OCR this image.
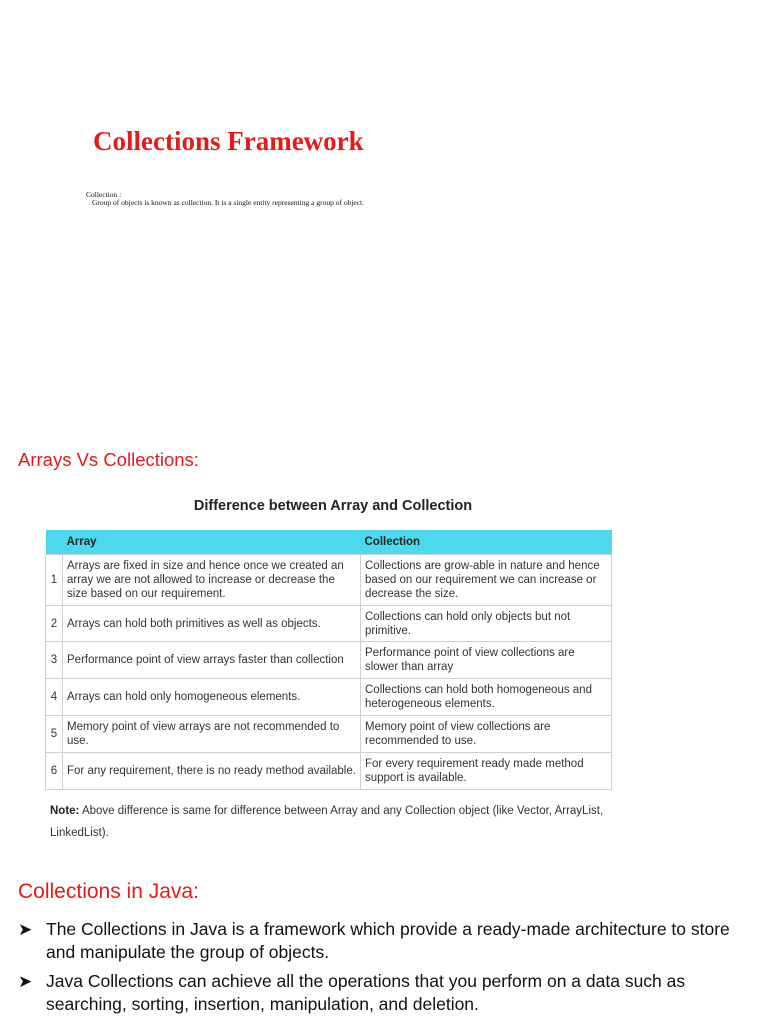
Collections Framework
Collection :
Group of objects is known as collection. It is a single entity representing a group of object.
Arrays Vs Collections:
Difference between Array and Collection
	Array	Collection
1	Arrays are fixed in size and hence once we created an array we are not allowed to increase or decrease the size based on our requirement.	Collections are grow-able in nature and hence based on our requirement we can increase or decrease the size.
2	Arrays can hold both primitives as well as objects.	Collections can hold only objects but not primitive.
3	Performance point of view arrays faster than collection	Performance point of view collections are slower than array
4	Arrays can hold only homogeneous elements.	Collections can hold both homogeneous and heterogeneous elements.
5	Memory point of view arrays are not recommended to use.	Memory point of view collections are recommended to use.
6	For any requirement, there is no ready method available.	For every requirement ready made method support is available.
Note: Above difference is same for difference between Array and any Collection object (like Vector, ArrayList, LinkedList).
Collections in Java:
➤ The Collections in Java is a framework which provide a ready-made architecture to store and manipulate the group of objects.
➤ Java Collections can achieve all the operations that you perform on a data such as searching, sorting, insertion, manipulation, and deletion.
